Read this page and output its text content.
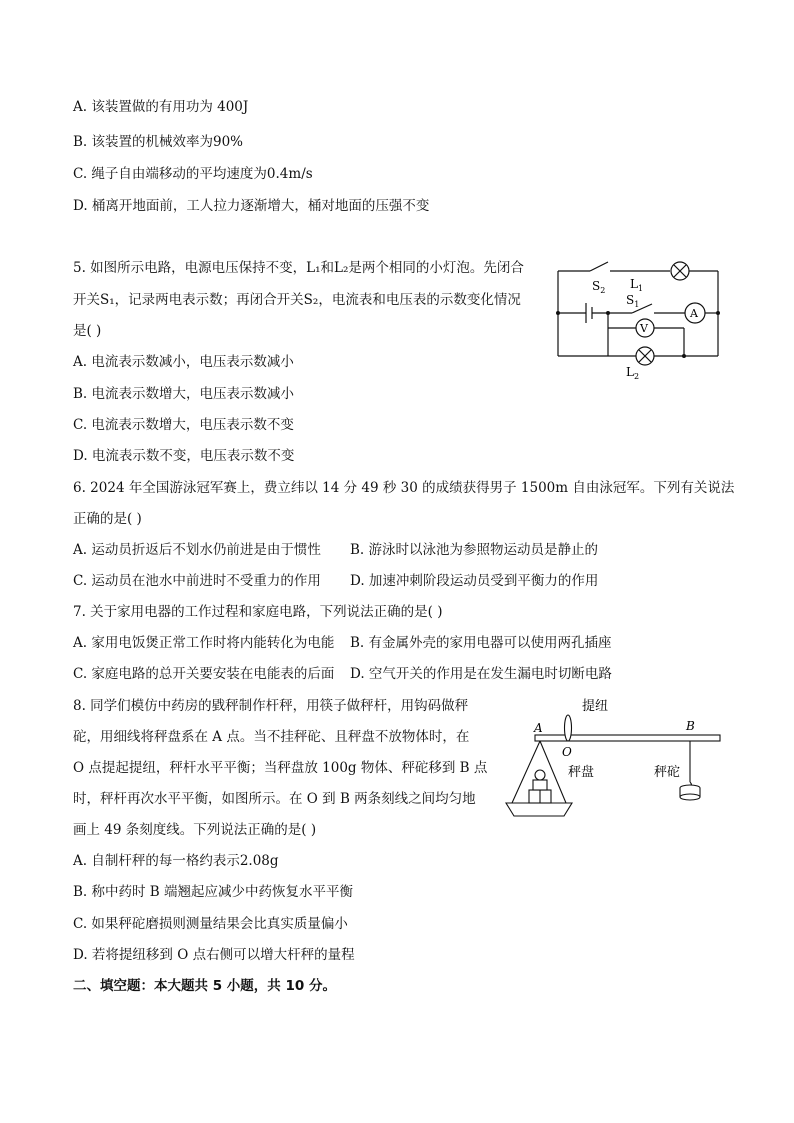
A. 该装置做的有用功为 400J
B. 该装置的机械效率为90%
C. 绳子自由端移动的平均速度为0.4m/s
D. 桶离开地面前，工人拉力逐渐增大，桶对地面的压强不变
5. 如图所示电路，电源电压保持不变，L₁和L₂是两个相同的小灯泡。先闭合
开关S₁，记录两电表示数；再闭合开关S₂，电流表和电压表的示数变化情况
是( )
A. 电流表示数减小，电压表示数减小
B. 电流表示数增大，电压表示数减小
C. 电流表示数增大，电压表示数不变
D. 电流表示数不变，电压表示数不变
$S_2$ $L_1$
$S_1$
A
V
$L_2$
6. 2024 年全国游泳冠军赛上，费立纬以 14 分 49 秒 30 的成绩获得男子 1500m 自由泳冠军。下列有关说法
正确的是( )
A. 运动员折返后不划水仍前进是由于惯性 B. 游泳时以泳池为参照物运动员是静止的
C. 运动员在池水中前进时不受重力的作用 D. 加速冲刺阶段运动员受到平衡力的作用
7. 关于家用电器的工作过程和家庭电路，下列说法正确的是( )
A. 家用电饭煲正常工作时将内能转化为电能 B. 有金属外壳的家用电器可以使用两孔插座
C. 家庭电路的总开关要安装在电能表的后面 D. 空气开关的作用是在发生漏电时切断电路
8. 同学们模仿中药房的戥秤制作杆秤，用筷子做秤杆，用钩码做秤
砣，用细线将秤盘系在 A 点。当不挂秤砣、且秤盘不放物体时，在
O 点提起提纽，秤杆水平平衡；当秤盘放 100g 物体、秤砣移到 B 点
时，秤杆再次水平平衡，如图所示。在 O 到 B 两条刻线之间均匀地
画上 49 条刻度线。下列说法正确的是( )
A. 自制杆秤的每一格约表示2.08g
B. 称中药时 B 端翘起应减少中药恢复水平平衡
C. 如果秤砣磨损则测量结果会比真实质量偏小
D. 若将提纽移到 O 点右侧可以增大杆秤的量程
提纽
A
O
B
秤盘	秤砣
二、填空题：本大题共 5 小题，共 10 分。
